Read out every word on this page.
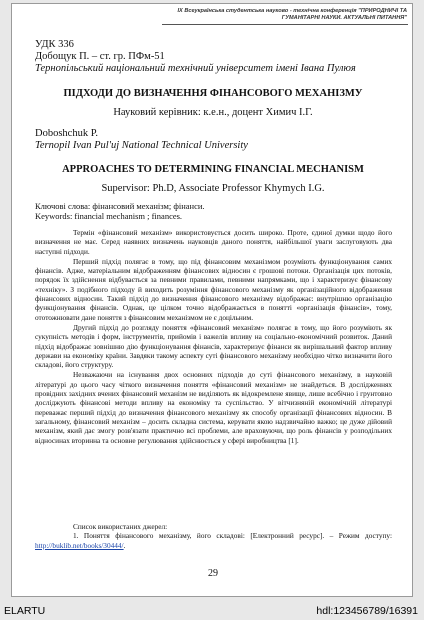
IX Всеукраїнська студентська науково - технічна конференція "ПРИРОДНИЧІ ТА ГУМАНІТАРНІ НАУКИ. АКТУАЛЬНІ ПИТАННЯ"
УДК 336
Добощук П. – ст. гр. ПФм-51
Тернопільський національний технічний університет імені Івана Пулюя
ПІДХОДИ ДО ВИЗНАЧЕННЯ ФІНАНСОВОГО МЕХАНІЗМУ
Науковий керівник: к.е.н., доцент Химич І.Г.
Doboshchuk P.
Ternopil Ivan Pul'uj National Technical University
APPROACHES TO DETERMINING FINANCIAL MECHANISM
Supervisor: Ph.D, Associate Professor Khymych I.G.
Ключові слова: фінансовий механізм; фінанси.
Keywords: financial mechanism ; finances.

Термін «фінансовий механізм» використовується досить широко. Проте, єдиної думки щодо його визначення не має. Серед наявних визначень науковців даного поняття, найбільшої уваги заслуговують два наступні підходи.

Перший підхід полягає в тому, що під фінансовим механізмом розуміють функціонування самих фінансів. Адже, матеріальним відображенням фінансових відносин є грошові потоки. Організація цих потоків, порядок їх здійснення відбувається за певними правилами, певними напрямками, що і характеризує фінансову «техніку». З подібного підходу й виходить розуміння фінансового механізму як організаційного відображення фінансових відносин. Такий підхід до визначення фінансового механізму відображає: внутрішню організацію функціонування фінансів. Однак, це цілком точно відображається в понятті «організація фінансів», тому, ототожнювати дане поняття з фінансовим механізмом не є доцільним.

Другий підхід до розгляду поняття «фінансовий механізм» полягає в тому, що його розуміють як сукупність методів і форм, інструментів, прийомів і важелів впливу на соціально-економічний розвиток. Даний підхід відображає зовнішню дію функціонування фінансів, характеризує фінанси як вирішальний фактор впливу держави на економіку країни. Завдяки такому аспекту суті фінансового механізму необхідно чітко визначити його складові, його структуру.

Незважаючи на існування двох основних підходів до суті фінансового механізму, в науковій літературі до цього часу чіткого визначення поняття «фінансовий механізм» не знайдеться. В дослідженнях провідних західних вчених фінансовий механізм не виділяють як відокремлене явище, лише всебічно і грунтовно досліджують фінансові методи впливу на економіку та суспільство. У вітчизняній економічній літературі переважає перший підхід до визначення фінансового механізму як способу організації фінансових відносин. В загальному, фінансовий механізм – досить складна система, керувати якою надзвичайно важко; це дуже дійовий механізм, який дає змогу розв'язати практично всі проблеми, але враховуючи, що роль фінансів у розподільних відносинах вторинна та основне регулювання здійснюється у сфері виробництва [1].

Список використаних джерел:
1. Поняття фінансового механізму, його складові: [Електронний ресурс]. – Режим доступу: http://buklib.net/books/30444/.
29
ELARTU	hdl:123456789/16391
